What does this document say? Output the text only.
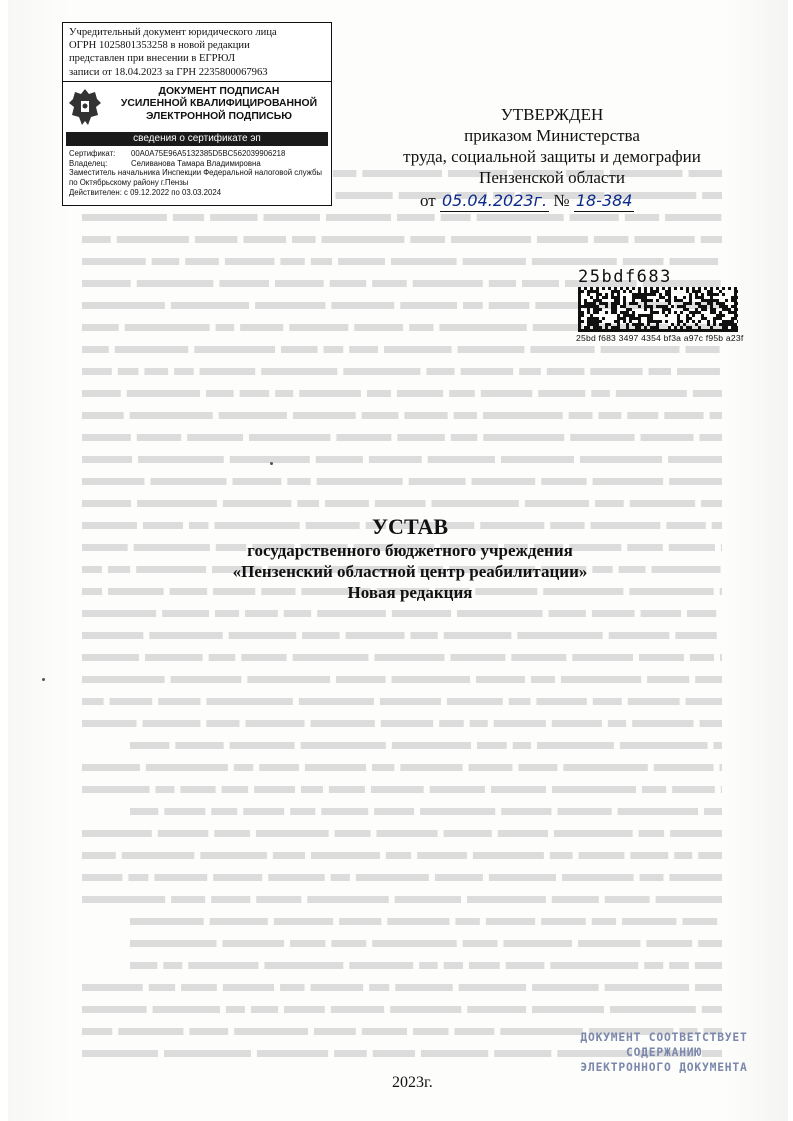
Учредительный документ юридического лица
ОГРН 1025801353258 в новой редакции
представлен при внесении в ЕГРЮЛ
записи от 18.04.2023 за ГРН 2235800067963
ДОКУМЕНТ ПОДПИСАН
УСИЛЕННОЙ КВАЛИФИЦИРОВАННОЙ
ЭЛЕКТРОННОЙ ПОДПИСЬЮ
сведения о сертификате эп
Сертификат: 00A0A75E96A5132385D5BC562039906218
Владелец:	Селиванова Тамара Владимировна
Заместитель начальника Инспекции Федеральной налоговой службы по Октябрьскому району г.Пензы
Действителен: с 09.12.2022 по 03.03.2024
УТВЕРЖДЕН
приказом Министерства
труда, социальной защиты и демографии
Пензенской области
от 05.04.2023г. № 18-384
25bdf683
25bd f683 3497 4354 bf3a a97c f95b a23f
УСТАВ
государственного бюджетного учреждения
«Пензенский областной центр реабилитации»
Новая редакция
2023г.
ДОКУМЕНТ СООТВЕТСТВУЕТ
СОДЕРЖАНИЮ
ЭЛЕКТРОННОГО ДОКУМЕНТА
